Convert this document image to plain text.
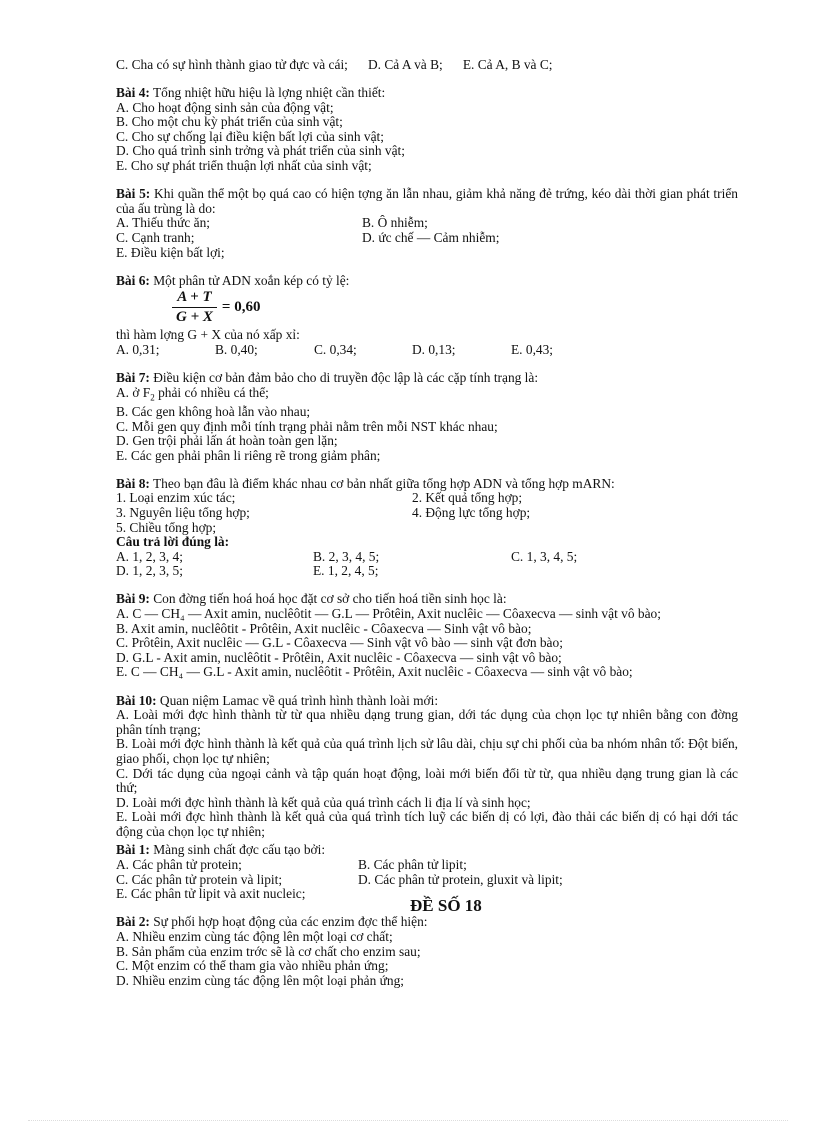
C. Cha có sự hình thành giao tử đực và cái; D. Cả A và B; E. Cả A, B và C;
Bài 4: Tổng nhiệt hữu hiệu là lợng nhiệt cần thiết:
A. Cho hoạt động sinh sản của động vật;
B. Cho một chu kỳ phát triển của sinh vật;
C. Cho sự chống lại điều kiện bất lợi của sinh vật;
D. Cho quá trình sinh trởng và phát triển của sinh vật;
E. Cho sự phát triển thuận lợi nhất của sinh vật;
Bài 5: Khi quần thể một bọ quá cao có hiện tợng ăn lẫn nhau, giảm khả năng đẻ trứng, kéo dài thời gian phát triển của ấu trùng là do:
A. Thiếu thức ăn;	B. Ô nhiễm;
C. Cạnh tranh;	D. ức chế — Cảm nhiễm;
E. Điều kiện bất lợi;
Bài 6: Một phân tử ADN xoắn kép có tỷ lệ:
$\frac{A + T}{G + X} = 0,60$
thì hàm lợng G + X của nó xấp xỉ:
A. 0,31;	B. 0,40;	C. 0,34;	D. 0,13;	E. 0,43;
Bài 7: Điều kiện cơ bản đảm bảo cho di truyền độc lập là các cặp tính trạng là:
A. ở $F_2$ phải có nhiều cá thể;
B. Các gen không hoà lẫn vào nhau;
C. Mỗi gen quy định mỗi tính trạng phải nằm trên mỗi NST khác nhau;
D. Gen trội phải lấn át hoàn toàn gen lặn;
E. Các gen phải phân li riêng rẽ trong giảm phân;
Bài 8: Theo bạn đâu là điểm khác nhau cơ bản nhất giữa tổng hợp ADN và tổng hợp mARN:
1. Loại enzim xúc tác;	2. Kết quả tổng hợp;
3. Nguyên liệu tổng hợp;	4. Động lực tổng hợp;
5. Chiều tổng hợp;
Câu trả lời đúng là:
A. 1, 2, 3, 4;	B. 2, 3, 4, 5;	C. 1, 3, 4, 5;
D. 1, 2, 3, 5;	E. 1, 2, 4, 5;
Bài 9: Con đờng tiến hoá hoá học đặt cơ sở cho tiến hoá tiền sinh học là:
A. C — CH₄ — Axit amin, nuclêôtit — G.L — Prôtêin, Axit nuclêic — Côaxecva — sinh vật vô bào;
B. Axit amin, nuclêôtit - Prôtêin, Axit nuclêic - Côaxecva — Sinh vật vô bào;
C. Prôtêin, Axit nuclêic — G.L - Côaxecva — Sinh vật vô bào — sinh vật đơn bào;
D. G.L - Axit amin, nuclêôtit - Prôtêin, Axit nuclêic - Côaxecva — sinh vật vô bào;
E. C — CH₄ — G.L - Axit amin, nuclêôtit - Prôtêin, Axit nuclêic - Côaxecva — sinh vật vô bào;
Bài 10: Quan niệm Lamac về quá trình hình thành loài mới:
A. Loài mới đợc hình thành từ từ qua nhiều dạng trung gian, dới tác dụng của chọn lọc tự nhiên bằng con đờng phân tính trạng;
B. Loài mới đợc hình thành là kết quả của quá trình lịch sử lâu dài, chịu sự chi phối của ba nhóm nhân tố: Đột biến, giao phối, chọn lọc tự nhiên;
C. Dới tác dụng của ngoại cảnh và tập quán hoạt động, loài mới biến đổi từ từ, qua nhiều dạng trung gian là các thứ;
D. Loài mới đợc hình thành là kết quả của quá trình cách li địa lí và sinh học;
E. Loài mới đợc hình thành là kết quả của quá trình tích luỹ các biến dị có lợi, đào thải các biến dị có hại dới tác động của chọn lọc tự nhiên;
Bài 1: Màng sinh chất đợc cấu tạo bởi:
A. Các phân tử protein;	B. Các phân tử lipit;
C. Các phân tử protein và lipit;	D. Các phân tử protein, gluxit và lipit;
E. Các phân tử lipit và axit nucleic;
Bài 2: Sự phối hợp hoạt động của các enzim đợc thể hiện:
A. Nhiều enzim cùng tác động lên một loại cơ chất;
B. Sản phẩm của enzim trớc sẽ là cơ chất cho enzim sau;
C. Một enzim có thể tham gia vào nhiều phản ứng;
D. Nhiều enzim cùng tác động lên một loại phản ứng;
ĐỀ SỐ 18
